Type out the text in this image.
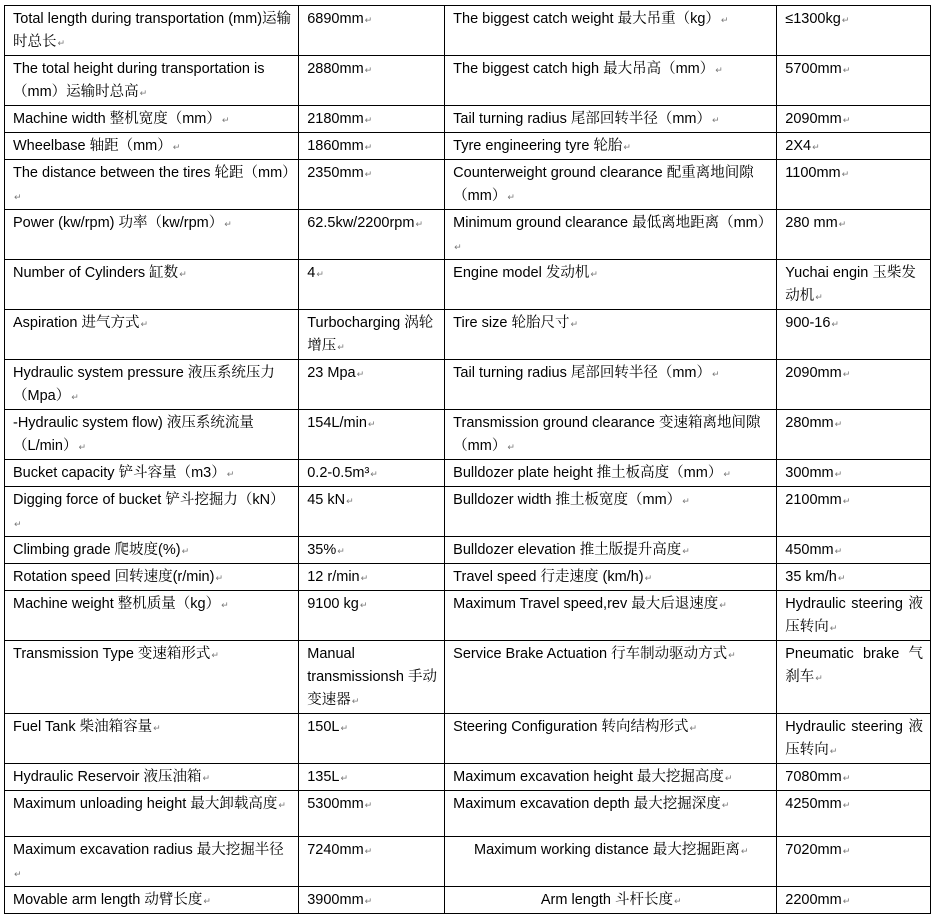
Total length during transportation (mm)运输时总长 ↵	6890mm ↵	The biggest catch weight 最大吊重（kg） ↵	≤1300kg ↵
The total height during transportation is （mm）运输时总高 ↵	2880mm ↵	The biggest catch high 最大吊高（mm） ↵	5700mm ↵
Machine width 整机宽度（mm） ↵	2180mm ↵	Tail turning radius 尾部回转半径（mm） ↵	2090mm ↵
Wheelbase 轴距（mm） ↵	1860mm ↵	Tyre engineering tyre 轮胎 ↵	2X4 ↵
The distance between the tires 轮距（mm） ↵	2350mm ↵	Counterweight ground clearance 配重离地间隙（mm） ↵	1100mm ↵
Power (kw/rpm) 功率（kw/rpm） ↵	62.5kw/2200rpm ↵	Minimum ground clearance 最低离地距离（mm） ↵	280 mm ↵
Number of Cylinders 缸数 ↵	4 ↵	Engine model 发动机 ↵	Yuchai engin 玉柴发动机 ↵
Aspiration 进气方式 ↵	Turbocharging 涡轮增压 ↵	Tire size 轮胎尺寸 ↵	900-16 ↵
Hydraulic system pressure 液压系统压力（Mpa） ↵	23 Mpa ↵	Tail turning radius 尾部回转半径（mm） ↵	2090mm ↵
-Hydraulic system flow) 液压系统流量（L/min） ↵	154L/min ↵	Transmission ground clearance 变速箱离地间隙（mm） ↵	280mm ↵
Bucket capacity 铲斗容量（m3） ↵	0.2-0.5m³ ↵	Bulldozer plate height 推土板高度（mm） ↵	300mm ↵
Digging force of bucket 铲斗挖掘力（kN） ↵	45 kN ↵	Bulldozer width 推土板宽度（mm） ↵	2100mm ↵
Climbing grade 爬坡度(%) ↵	35% ↵	Bulldozer elevation 推土版提升高度 ↵	450mm ↵
Rotation speed 回转速度(r/min) ↵	12 r/min ↵	Travel speed 行走速度 (km/h) ↵	35 km/h ↵
Machine weight 整机质量（kg） ↵	9100 kg ↵	Maximum Travel speed,rev 最大后退速度 ↵	Hydraulic steering 液压转向 ↵
Transmission Type 变速箱形式 ↵	Manual transmissionsh 手动变速器 ↵	Service Brake Actuation 行车制动驱动方式 ↵	Pneumatic brake 气刹车 ↵
Fuel Tank 柴油箱容量 ↵	150L ↵	Steering Configuration 转向结构形式 ↵	Hydraulic steering 液压转向 ↵
Hydraulic Reservoir 液压油箱 ↵	135L ↵	Maximum excavation height 最大挖掘高度 ↵	7080mm ↵
Maximum unloading height 最大卸载高度 ↵	5300mm ↵	Maximum excavation depth 最大挖掘深度 ↵	4250mm ↵
Maximum excavation radius 最大挖掘半径 ↵	7240mm ↵	Maximum working distance 最大挖掘距离 ↵	7020mm ↵
Movable arm length 动臂长度 ↵	3900mm ↵	Arm length 斗杆长度 ↵	2200mm ↵
